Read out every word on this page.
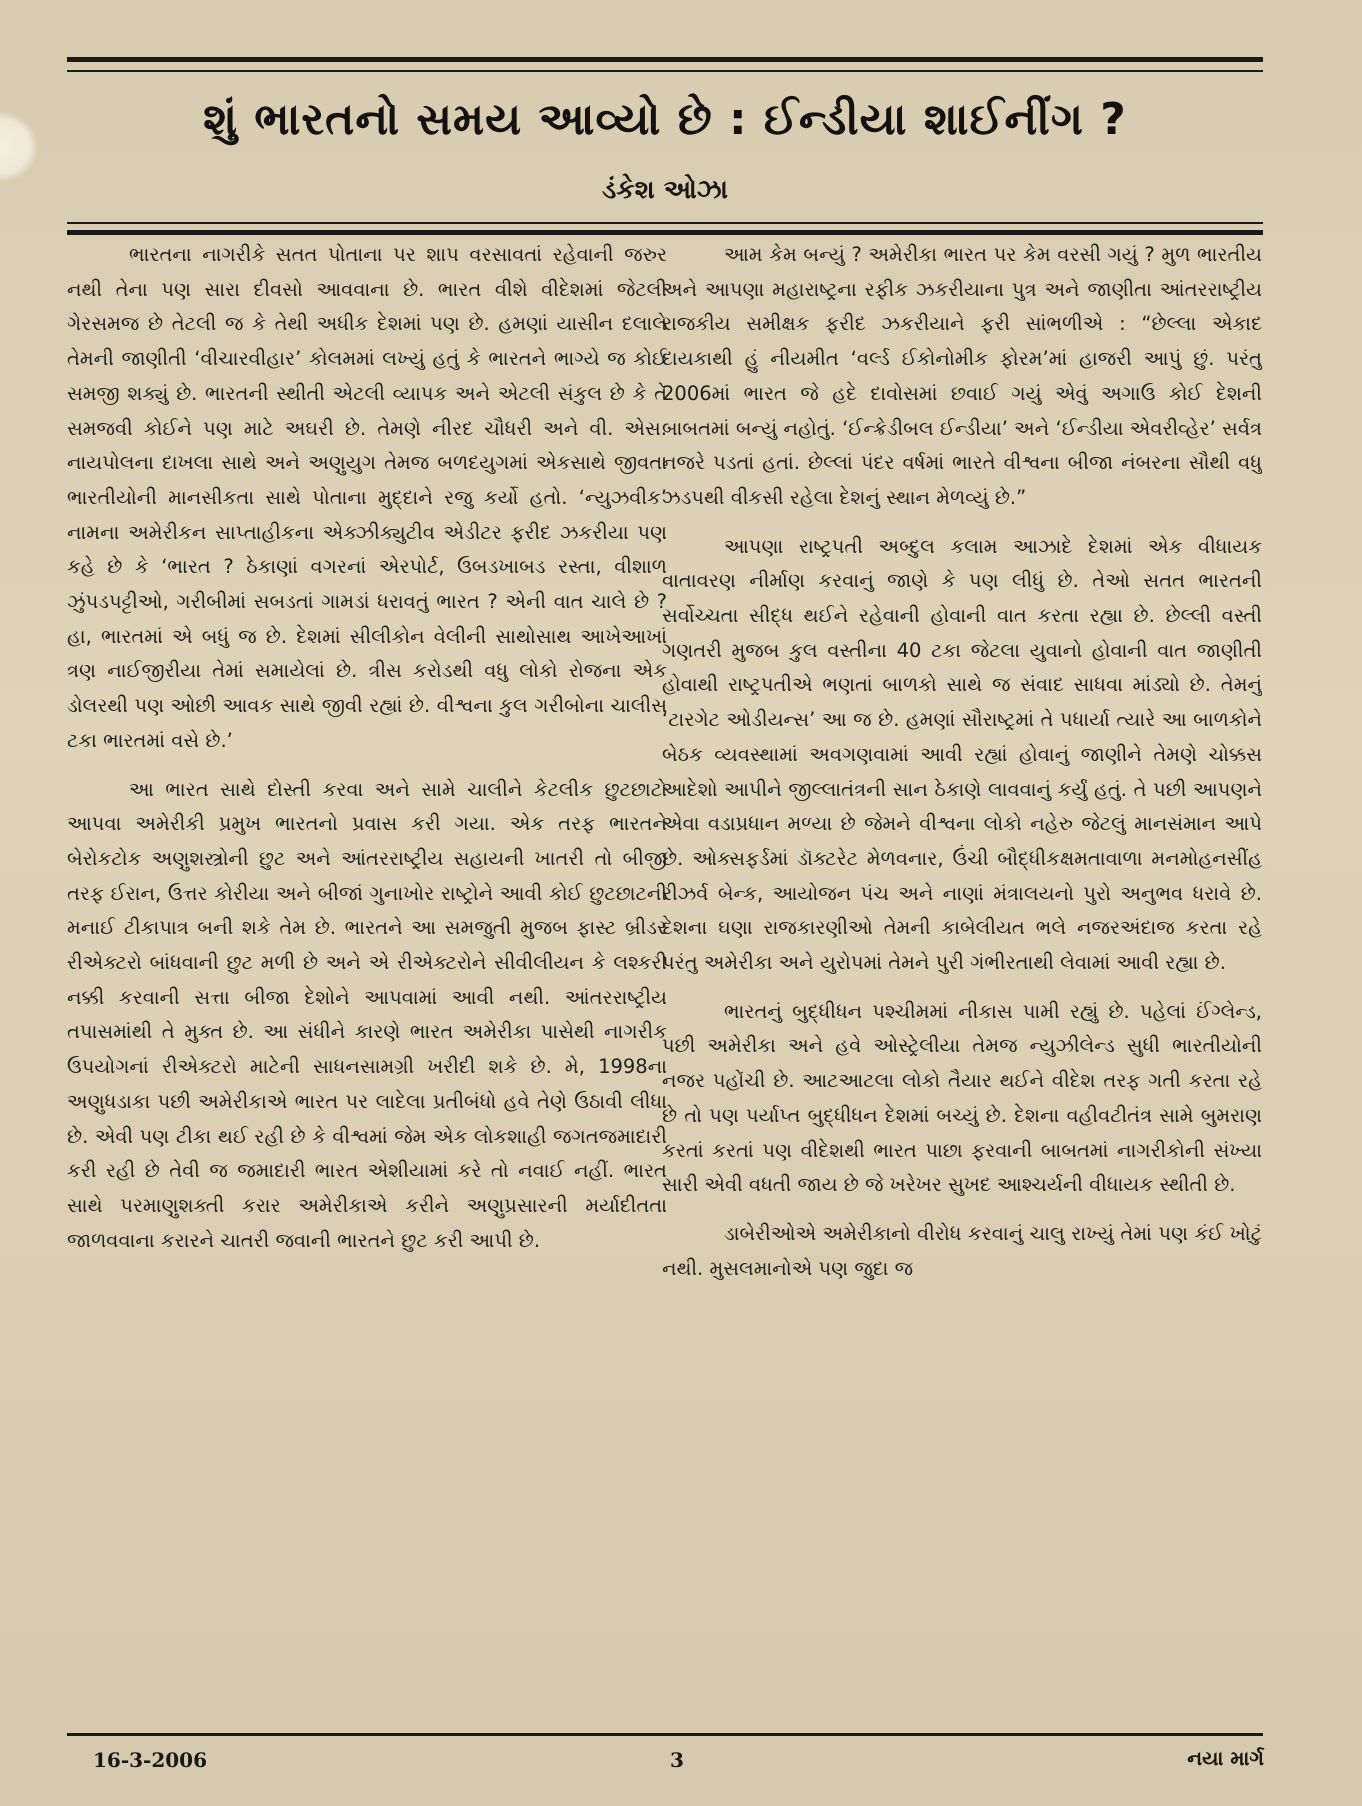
શું ભારતનો સમય આવ્યો છે : ઈન્ડીયા શાઈનીંગ ?
ડંકેશ ઓઝા

ભારતના નાગરીકે સતત પોતાના પર શાપ વરસાવતાં રહેવાની જરુર નથી તેના પણ સારા દીવસો આવવાના છે. ભારત વીશે વીદેશમાં જેટલી ગેરસમજ છે તેટલી જ કે તેથી અધીક દેશમાં પણ છે. હમણાં યાસીન દલાલે તેમની જાણીતી ‘વીચારવીહાર’ કોલમમાં લખ્યું હતું કે ભારતને ભાગ્યે જ કોઈ સમજી શક્યું છે. ભારતની સ્થીતી એટલી વ્યાપક અને એટલી સંકુલ છે કે તે સમજવી કોઈને પણ માટે અઘરી છે. તેમણે નીરદ ચૌધરી અને વી. એસ. નાયપોલના દાખલા સાથે અને અણુયુગ તેમજ બળદયુગમાં એકસાથે જીવતા ભારતીયોની માનસીકતા સાથે પોતાના મુદ્દાને રજુ કર્યો હતો. ‘ન્યુઝવીક’ નામના અમેરીકન સાપ્તાહીકના એક્ઝીક્યુટીવ એડીટર ફરીદ ઝકરીયા પણ કહે છે કે ‘ભારત ? ઠેકાણાં વગરનાં એરપોર્ટ, ઉબડખાબડ રસ્તા, વીશાળ ઝુંપડપટ્ટીઓ, ગરીબીમાં સબડતાં ગામડાં ધરાવતું ભારત ? એની વાત ચાલે છે ? હા, ભારતમાં એ બધું જ છે. દેશમાં સીલીકોન વેલીની સાથોસાથ આખેઆખાં ત્રણ નાઈજીરીયા તેમાં સમાયેલાં છે. ત્રીસ કરોડથી વધુ લોકો રોજના એક ડોલરથી પણ ઓછી આવક સાથે જીવી રહ્યાં છે. વીશ્વના કુલ ગરીબોના ચાલીસ ટકા ભારતમાં વસે છે.’

આ ભારત સાથે દોસ્તી કરવા અને સામે ચાલીને કેટલીક છુટછાટો આપવા અમેરીકી પ્રમુખ ભારતનો પ્રવાસ કરી ગયા. એક તરફ ભારતને બેરોકટોક અણુશસ્ત્રોની છુટ અને આંતરરાષ્ટ્રીય સહાયની ખાતરી તો બીજી તરફ ઈરાન, ઉત્તર કોરીયા અને બીજાં ગુનાખોર રાષ્ટ્રોને આવી કોઈ છુટછાટની મનાઈ ટીકાપાત્ર બની શકે તેમ છે. ભારતને આ સમજુતી મુજબ ફાસ્ટ બ્રીડર રીએક્ટરો બાંધવાની છુટ મળી છે અને એ રીએક્ટરોને સીવીલીયન કે લશ્કરી નક્કી કરવાની સત્તા બીજા દેશોને આપવામાં આવી નથી. આંતરરાષ્ટ્રીય તપાસમાંથી તે મુક્ત છે. આ સંધીને કારણે ભારત અમેરીકા પાસેથી નાગરીક ઉપયોગનાં રીએક્ટરો માટેની સાધનસામગ્રી ખરીદી શકે છે. મે, 1998ના અણુધડાકા પછી અમેરીકાએ ભારત પર લાદેલા પ્રતીબંધો હવે તેણે ઉઠાવી લીધા છે. એવી પણ ટીકા થઈ રહી છે કે વીશ્વમાં જેમ એક લોકશાહી જગતજમાદારી કરી રહી છે તેવી જ જમાદારી ભારત એશીયામાં કરે તો નવાઈ નહીં. ભારત સાથે પરમાણુશક્તી કરાર અમેરીકાએ કરીને અણુપ્રસારની મર્યાદીતતા જાળવવાના કરારને ચાતરી જવાની ભારતને છુટ કરી આપી છે.

આમ કેમ બન્યું ? અમેરીકા ભારત પર કેમ વરસી ગયું ? મુળ ભારતીય અને આપણા મહારાષ્ટ્રના રફીક ઝકરીયાના પુત્ર અને જાણીતા આંતરરાષ્ટ્રીય રાજકીય સમીક્ષક ફરીદ ઝકરીયાને ફરી સાંભળીએ : “છેલ્લા એકાદ દાયકાથી હું નીયમીત ‘વર્લ્ડ ઈકોનોમીક ફોરમ’માં હાજરી આપું છું. પરંતુ 2006માં ભારત જે હદે દાવોસમાં છવાઈ ગયું એવું અગાઉ કોઈ દેશની બાબતમાં બન્યું નહોતું. ‘ઈન્ક્રેડીબલ ઈન્ડીયા’ અને ‘ઈન્ડીયા એવરીવ્હેર’ સર્વત્ર નજરે પડતાં હતાં. છેલ્લાં પંદર વર્ષમાં ભારતે વીશ્વના બીજા નંબરના સૌથી વધુ ઝડપથી વીકસી રહેલા દેશનું સ્થાન મેળવ્યું છે.”

આપણા રાષ્ટ્રપતી અબ્દુલ કલામ આઝાદે દેશમાં એક વીધાયક વાતાવરણ નીર્માણ કરવાનું જાણે કે પણ લીધું છે. તેઓ સતત ભારતની સર્વોચ્ચતા સીદ્ધ થઈને રહેવાની હોવાની વાત કરતા રહ્યા છે. છેલ્લી વસ્તી ગણતરી મુજબ કુલ વસ્તીના 40 ટકા જેટલા યુવાનો હોવાની વાત જાણીતી હોવાથી રાષ્ટ્રપતીએ ભણતાં બાળકો સાથે જ સંવાદ સાધવા માંડ્યો છે. તેમનું ‘ટારગેટ ઓડીયન્સ’ આ જ છે. હમણાં સૌરાષ્ટ્રમાં તે પધાર્યા ત્યારે આ બાળકોને બેઠક વ્યવસ્થામાં અવગણવામાં આવી રહ્યાં હોવાનું જાણીને તેમણે ચોક્કસ આદેશો આપીને જીલ્લાતંત્રની સાન ઠેકાણે લાવવાનું કર્યું હતું. તે પછી આપણને એવા વડાપ્રધાન મળ્યા છે જેમને વીશ્વના લોકો નહેરુ જેટલું માનસંમાન આપે છે. ઓક્સફર્ડમાં ડૉક્ટરેટ મેળવનાર, ઉંચી બૌદ્ધીકક્ષમતાવાળા મનમોહનસીંહ રીઝર્વ બેન્ક, આયોજન પંચ અને નાણાં મંત્રાલયનો પુરો અનુભવ ધરાવે છે. દેશના ઘણા રાજકારણીઓ તેમની કાબેલીયત ભલે નજરઅંદાજ કરતા રહે પરંતુ અમેરીકા અને યુરોપમાં તેમને પુરી ગંભીરતાથી લેવામાં આવી રહ્યા છે.

ભારતનું બુદ્ધીધન પશ્ચીમમાં નીકાસ પામી રહ્યું છે. પહેલાં ઈંગ્લેન્ડ, પછી અમેરીકા અને હવે ઓસ્ટ્રેલીયા તેમજ ન્યુઝીલેન્ડ સુધી ભારતીયોની નજર પહોંચી છે. આટઆટલા લોકો તૈયાર થઈને વીદેશ તરફ ગતી કરતા રહે છે તો પણ પર્યાપ્ત બુદ્ધીધન દેશમાં બચ્યું છે. દેશના વહીવટીતંત્ર સામે બુમરાણ કરતાં કરતાં પણ વીદેશથી ભારત પાછા ફરવાની બાબતમાં નાગરીકોની સંખ્યા સારી એવી વધતી જાય છે જે ખરેખર સુખદ આશ્ચર્યની વીધાયક સ્થીતી છે.

ડાબેરીઓએ અમેરીકાનો વીરોધ કરવાનું ચાલુ રાખ્યું તેમાં પણ કંઈ ખોટું નથી. મુસલમાનોએ પણ જુદા જ

16-3-2006	3	નયા માર્ગ
